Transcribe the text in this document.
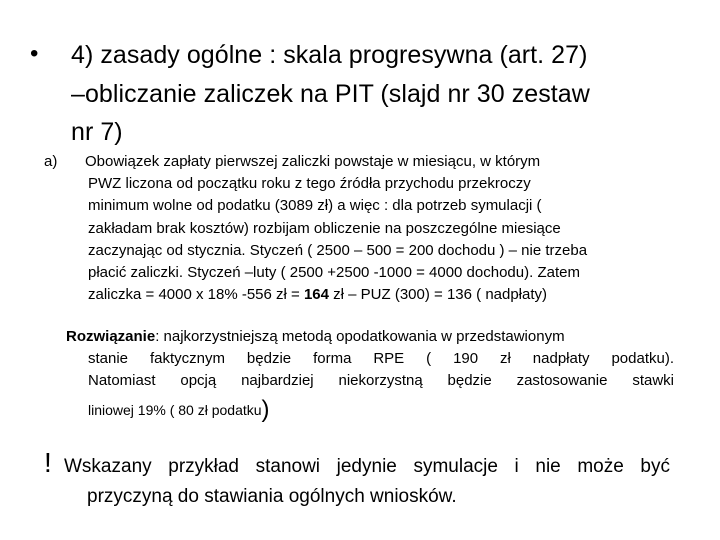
• 4) zasady ogólne : skala progresywna (art. 27)
–obliczanie zaliczek na PIT (slajd nr 30 zestaw
nr 7)
a) Obowiązek zapłaty pierwszej zaliczki powstaje w miesiącu, w którym
PWZ liczona od początku roku z tego źródła przychodu przekroczy
minimum wolne od podatku (3089 zł) a więc : dla potrzeb symulacji (
zakładam brak kosztów) rozbijam obliczenie na poszczególne miesiące
zaczynając od stycznia. Styczeń ( 2500 – 500 = 200 dochodu ) – nie trzeba
płacić zaliczki. Styczeń –luty ( 2500 +2500 -1000 = 4000 dochodu). Zatem
zaliczka = 4000 x 18% -556 zł = 164 zł – PUZ (300) = 136 ( nadpłaty)
Rozwiązanie: najkorzystniejszą metodą opodatkowania w przedstawionym
stanie faktycznym będzie forma RPE ( 190 zł nadpłaty podatku).
Natomiast opcją najbardziej niekorzystną będzie zastosowanie stawki
liniowej 19% ( 80 zł podatku)
! Wskazany przykład stanowi jedynie symulacje i nie może być
przyczyną do stawiania ogólnych wniosków.
